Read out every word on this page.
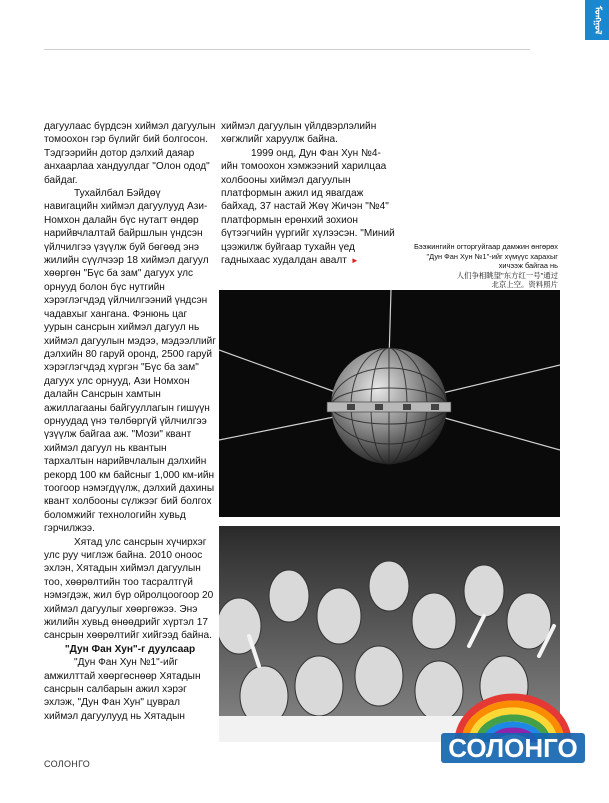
ᠮᠣᠩᠭᠣᠯ

дагуулаас бүрдсэн хиймэл дагуулын томоохон гэр бүлийг бий болгосон. Тэдгээрийн дотор дэлхий даяар анхаарлаа хандуулдаг "Олон одод" байдаг.

Тухайлбал Бэйдөү навигацийн хиймэл дагуулууд Ази-Номхон далайн бүс нутагт өндөр нарийвчлалтай байршлын үндсэн үйлчилгээ үзүүлж буй бөгөөд энэ жилийн сүүлчээр 18 хиймэл дагуул хөөргөн "Бүс ба зам" дагуух улс орнууд болон бүс нутгийн хэрэглэгчдэд үйлчилгээний үндсэн чадавхыг хангана. Фэнюнь цаг уурын сансрын хиймэл дагуул нь хиймэл дагуулын мэдээ, мэдээллийг дэлхийн 80 гаруй оронд, 2500 гаруй хэрэглэгчдэд хүргэн "Бүс ба зам" дагуух улс орнууд, Ази Номхон далайн Сансрын хамтын ажиллагааны байгууллагын гишүүн орнуудад үнэ төлбөргүй үйлчилгээ үзүүлж байгаа аж. "Мози" квант хиймэл дагуул нь квантын тархалтын нарийвчлалын дэлхийн рекорд 100 км байсныг 1,000 км-ийн тоогоор нэмэгдүүлж, дэлхий дахины квант холбооны сүлжээг бий болгох боломжийг технологийн хувьд гэрчилжээ.

Хятад улс сансрын хүчирхэг улс руу чиглэж байна. 2010 оноос эхлэн, Хятадын хиймэл дагуулын тоо, хөөрөлтийн тоо тасралтгүй нэмэгдэж, жил бүр ойролцоогоор 20 хиймэл дагуулыг хөөргөжээ. Энэ жилийн хувьд өнөөдрийг хүртэл 17 сансрын хөөрөлтийг хийгээд байна.

"Дун Фан Хун"-г дуулсаар

"Дун Фан Хун №1"-ийг амжилттай хөөргөснөөр Хятадын сансрын салбарын ажил хэрэг эхлэж, "Дун Фан Хун" цуврал хиймэл дагуулууд нь Хятадын

хиймэл дагуулын үйлдвэрлэлийн хөгжлийг харуулж байна.

1999 онд, Дун Фан Хун №4-ийн томоохон хэмжээний харилцаа холбооны хиймэл дагуулын платформын ажил ид явагдаж байхад, 37 настай Жөү Жичэн "№4" платформын ерөнхий зохион бүтээгчийн үүргийг хүлээсэн. "Миний цээжилж буйгаар тухайн үед гадныхаас худалдан авалт ►

Бээжингийн огторгуйгаар дамжин өнгөрөх "Дун Фан Хун №1"-ийг хүмүүс харахыг хичээж байгаа нь

人们争相眺望"东方红一号"通过

北京上空。资料照片

СОЛОНГО
СОЛОНГО
SOLONGONEWS.MN
